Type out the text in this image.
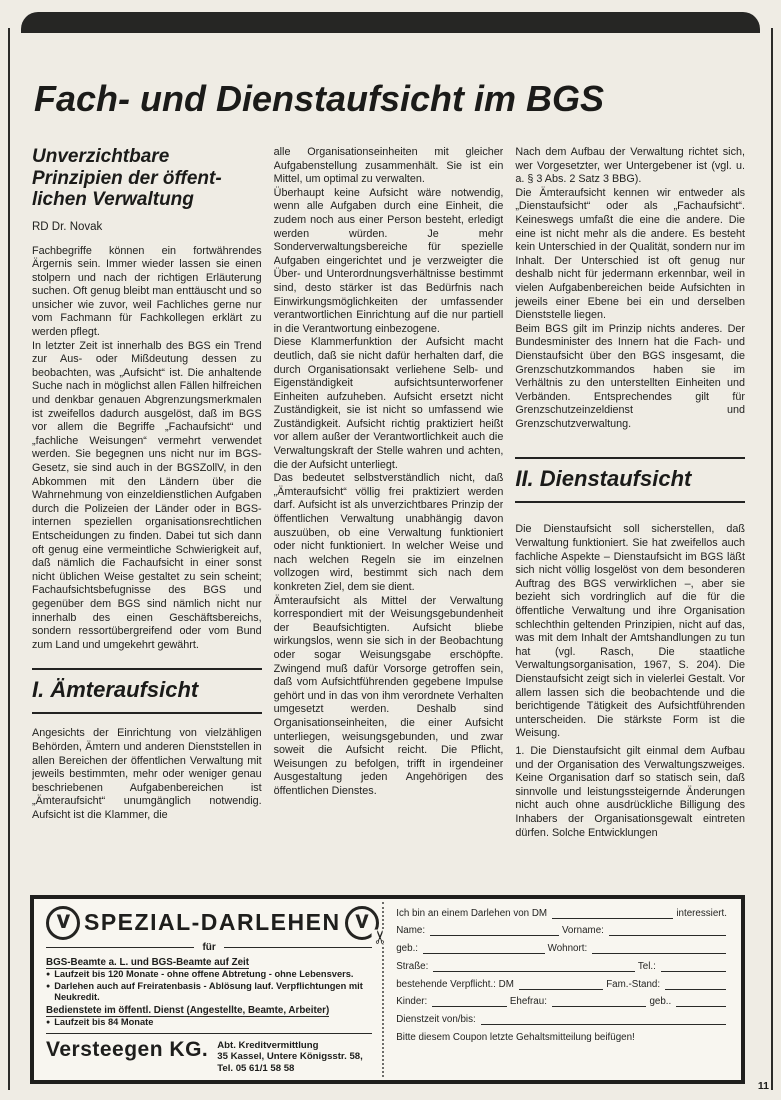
Fach- und Dienstaufsicht im BGS
Unverzichtbare
Prinzipien der öffent-
lichen Verwaltung
RD Dr. Novak

Fachbegriffe können ein fortwährendes Ärgernis sein. Immer wieder lassen sie einen stolpern und nach der richtigen Erläuterung suchen. Oft genug bleibt man enttäuscht und so unsicher wie zuvor, weil Fachliches gerne nur vom Fachmann für Fachkollegen erklärt zu werden pflegt.

In letzter Zeit ist innerhalb des BGS ein Trend zur Aus- oder Mißdeutung dessen zu beobachten, was „Aufsicht“ ist. Die anhaltende Suche nach in möglichst allen Fällen hilfreichen und denkbar genauen Abgrenzungsmerkmalen ist zweifellos dadurch ausgelöst, daß im BGS vor allem die Begriffe „Fachaufsicht“ und „fachliche Weisungen“ vermehrt verwendet werden. Sie begegnen uns nicht nur im BGS-Gesetz, sie sind auch in der BGSZollV, in den Abkommen mit den Ländern über die Wahrnehmung von einzeldienstlichen Aufgaben durch die Polizeien der Länder oder in BGS-internen speziellen organisationsrechtlichen Entscheidungen zu finden. Dabei tut sich dann oft genug eine vermeintliche Schwierigkeit auf, daß nämlich die Fachaufsicht in einer sonst nicht üblichen Weise gestaltet zu sein scheint; Fachaufsichtsbefugnisse des BGS und gegenüber dem BGS sind nämlich nicht nur innerhalb des einen Geschäftsbereichs, sondern ressortübergreifend oder vom Bund zum Land und umgekehrt gewährt.

I. Ämteraufsicht

Angesichts der Einrichtung von vielzähligen Behörden, Ämtern und anderen Dienststellen in allen Bereichen der öffentlichen Verwaltung mit jeweils bestimmten, mehr oder weniger genau beschriebenen Aufgabenbereichen ist „Ämteraufsicht“ unumgänglich notwendig. Aufsicht ist die Klammer, die

alle Organisationseinheiten mit gleicher Aufgabenstellung zusammenhält. Sie ist ein Mittel, um optimal zu verwalten.

Überhaupt keine Aufsicht wäre notwendig, wenn alle Aufgaben durch eine Einheit, die zudem noch aus einer Person besteht, erledigt werden würden. Je mehr Sonderverwaltungsbereiche für spezielle Aufgaben eingerichtet und je verzweigter die Über- und Unterordnungsverhältnisse bestimmt sind, desto stärker ist das Bedürfnis nach Einwirkungsmöglichkeiten der umfassender verantwortlichen Einrichtung auf die nur partiell in die Verantwortung einbezogene.

Diese Klammerfunktion der Aufsicht macht deutlich, daß sie nicht dafür herhalten darf, die durch Organisationsakt verliehene Selb- und Eigenständigkeit aufsichtsunterworfener Einheiten aufzuheben. Aufsicht ersetzt nicht Zuständigkeit, sie ist nicht so umfassend wie Zuständigkeit. Aufsicht richtig praktiziert heißt vor allem außer der Verantwortlichkeit auch die Verwaltungskraft der Stelle wahren und achten, die der Aufsicht unterliegt.

Das bedeutet selbstverständlich nicht, daß „Ämteraufsicht“ völlig frei praktiziert werden darf. Aufsicht ist als unverzichtbares Prinzip der öffentlichen Verwaltung unabhängig davon auszuüben, ob eine Verwaltung funktioniert oder nicht funktioniert. In welcher Weise und nach welchen Regeln sie im einzelnen vollzogen wird, bestimmt sich nach dem konkreten Ziel, dem sie dient.

Ämteraufsicht als Mittel der Verwaltung korrespondiert mit der Weisungsgebundenheit der Beaufsichtigten. Aufsicht bliebe wirkungslos, wenn sie sich in der Beobachtung oder sogar Weisungsgabe erschöpfte. Zwingend muß dafür Vorsorge getroffen sein, daß vom Aufsichtführenden gegebene Impulse gehört und in das von ihm verordnete Verhalten umgesetzt werden. Deshalb sind Organisationseinheiten, die einer Aufsicht unterliegen, weisungsgebunden, und zwar soweit die Aufsicht reicht. Die Pflicht, Weisungen zu befolgen, trifft in irgendeiner Ausgestaltung jeden Angehörigen des öffentlichen Dienstes.

Nach dem Aufbau der Verwaltung richtet sich, wer Vorgesetzter, wer Untergebener ist (vgl. u. a. § 3 Abs. 2 Satz 3 BBG).

Die Ämteraufsicht kennen wir entweder als „Dienstaufsicht“ oder als „Fachaufsicht“. Keineswegs umfaßt die eine die andere. Die eine ist nicht mehr als die andere. Es besteht kein Unterschied in der Qualität, sondern nur im Inhalt. Der Unterschied ist oft genug nur deshalb nicht für jedermann erkennbar, weil in vielen Aufgabenbereichen beide Aufsichten in jeweils einer Ebene bei ein und derselben Dienststelle liegen.

Beim BGS gilt im Prinzip nichts anderes. Der Bundesminister des Innern hat die Fach- und Dienstaufsicht über den BGS insgesamt, die Grenzschutzkommandos haben sie im Verhältnis zu den unterstellten Einheiten und Verbänden. Entsprechendes gilt für Grenzschutzeinzeldienst und Grenzschutzverwaltung.

II. Dienstaufsicht

Die Dienstaufsicht soll sicherstellen, daß Verwaltung funktioniert. Sie hat zweifellos auch fachliche Aspekte – Dienstaufsicht im BGS läßt sich nicht völlig losgelöst von dem besonderen Auftrag des BGS verwirklichen –, aber sie bezieht sich vordringlich auf die für die öffentliche Verwaltung und ihre Organisation schlechthin geltenden Prinzipien, nicht auf das, was mit dem Inhalt der Amtshandlungen zu tun hat (vgl. Rasch, Die staatliche Verwaltungsorganisation, 1967, S. 204). Die Dienstaufsicht zeigt sich in vielerlei Gestalt. Vor allem lassen sich die beobachtende und die berichtigende Tätigkeit des Aufsichtführenden unterscheiden. Die stärkste Form ist die Weisung.

1. Die Dienstaufsicht gilt einmal dem Aufbau und der Organisation des Verwaltungszweiges. Keine Organisation darf so statisch sein, daß sinnvolle und leistungssteigernde Änderungen nicht auch ohne ausdrückliche Billigung des Inhabers der Organisationsgewalt eintreten dürfen. Solche Entwicklungen

V SPEZIAL-DARLEHEN V
für
BGS-Beamte a. L. und BGS-Beamte auf Zeit
● Laufzeit bis 120 Monate - ohne offene Abtretung - ohne Lebensvers.
● Darlehen auch auf Freiratenbasis - Ablösung lauf. Verpflichtungen mit Neukredit.
Bedienstete im öffentl. Dienst (Angestellte, Beamte, Arbeiter)
● Laufzeit bis 84 Monate
Versteegen KG. Abt. Kreditvermittlung
35 Kassel, Untere Königsstr. 58, Tel. 05 61/1 58 58
✂
Ich bin an einem Darlehen von DM	interessiert.
Name:	Vorname:
geb.:	Wohnort:
Straße:	Tel.:
bestehende Verpflicht.: DM	Fam.-Stand:
Kinder:	Ehefrau:	geb..
Dienstzeit von/bis:
Bitte diesem Coupon letzte Gehaltsmitteilung beifügen!
11
